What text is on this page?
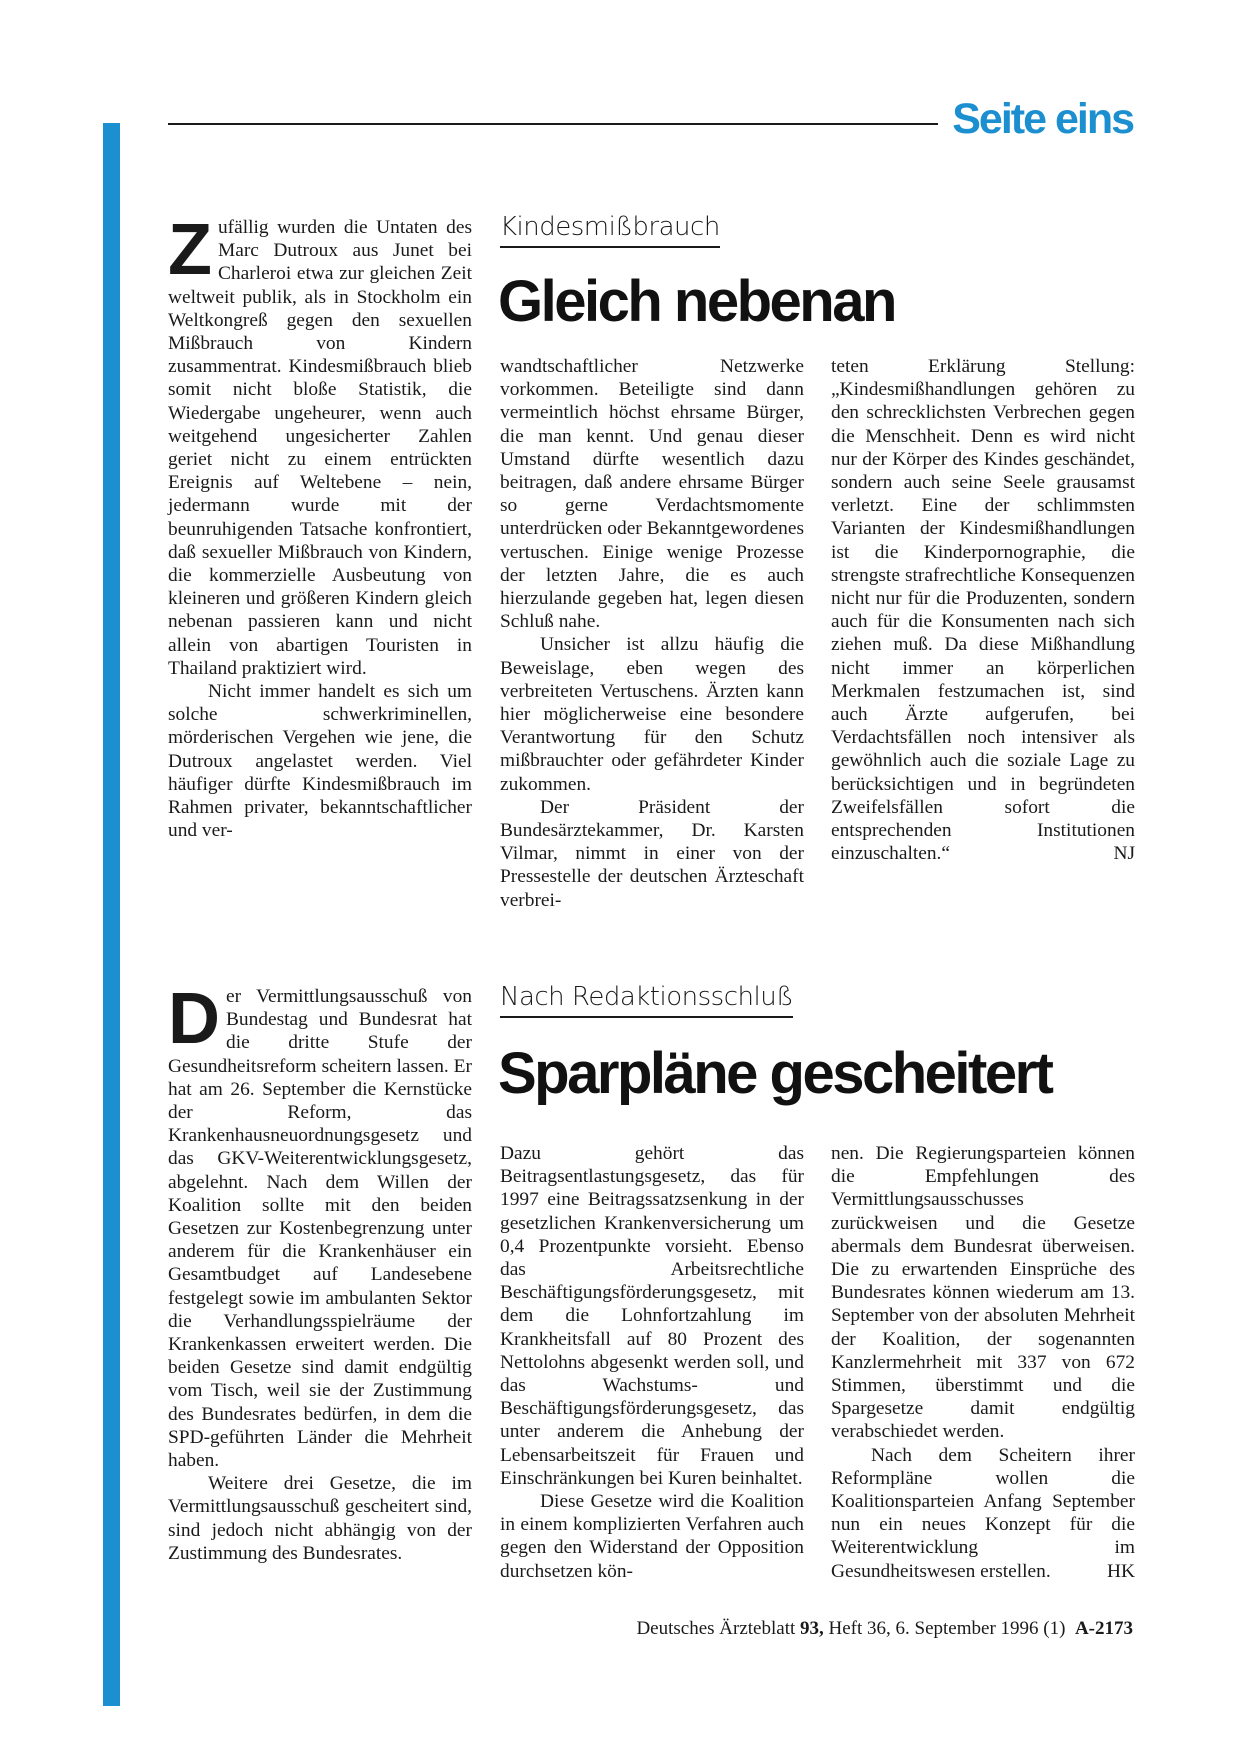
Seite eins
Z ufällig wurden die Untaten des Marc Dutroux aus Junet bei Charleroi etwa zur gleichen Zeit weltweit publik, als in Stockholm ein Weltkongreß gegen den sexuellen Mißbrauch von Kindern zusammentrat. Kindesmißbrauch blieb somit nicht bloße Statistik, die Wiedergabe ungeheurer, wenn auch weitgehend ungesicherter Zahlen geriet nicht zu einem entrückten Ereignis auf Weltebene – nein, jedermann wurde mit der beunruhigenden Tatsache konfrontiert, daß sexueller Mißbrauch von Kindern, die kommerzielle Ausbeutung von kleineren und größeren Kindern gleich nebenan passieren kann und nicht allein von abartigen Touristen in Thailand praktiziert wird.

Nicht immer handelt es sich um solche schwerkriminellen, mörderischen Vergehen wie jene, die Dutroux angelastet werden. Viel häufiger dürfte Kindesmißbrauch im Rahmen privater, bekanntschaftlicher und ver-

Kindesmißbrauch
Gleich nebenan

wandtschaftlicher Netzwerke vorkommen. Beteiligte sind dann vermeintlich höchst ehrsame Bürger, die man kennt. Und genau dieser Umstand dürfte wesentlich dazu beitragen, daß andere ehrsame Bürger so gerne Verdachtsmomente unterdrücken oder Bekanntgewordenes vertuschen. Einige wenige Prozesse der letzten Jahre, die es auch hierzulande gegeben hat, legen diesen Schluß nahe.

Unsicher ist allzu häufig die Beweislage, eben wegen des verbreiteten Vertuschens. Ärzten kann hier möglicherweise eine besondere Verantwortung für den Schutz mißbrauchter oder gefährdeter Kinder zukommen.

Der Präsident der Bundesärztekammer, Dr. Karsten Vilmar, nimmt in einer von der Pressestelle der deutschen Ärzteschaft verbrei-

teten Erklärung Stellung: „Kindesmißhandlungen gehören zu den schrecklichsten Verbrechen gegen die Menschheit. Denn es wird nicht nur der Körper des Kindes geschändet, sondern auch seine Seele grausamst verletzt. Eine der schlimmsten Varianten der Kindesmißhandlungen ist die Kinderpornographie, die strengste strafrechtliche Konsequenzen nicht nur für die Produzenten, sondern auch für die Konsumenten nach sich ziehen muß. Da diese Mißhandlung nicht immer an körperlichen Merkmalen festzumachen ist, sind auch Ärzte aufgerufen, bei Verdachtsfällen noch intensiver als gewöhnlich auch die soziale Lage zu berücksichtigen und in begründeten Zweifelsfällen sofort die entsprechenden Institutionen einzuschalten.“	NJ

D er Vermittlungsausschuß von Bundestag und Bundesrat hat die dritte Stufe der Gesundheitsreform scheitern lassen. Er hat am 26. September die Kernstücke der Reform, das Krankenhausneuordnungsgesetz und das GKV-Weiterentwicklungsgesetz, abgelehnt. Nach dem Willen der Koalition sollte mit den beiden Gesetzen zur Kostenbegrenzung unter anderem für die Krankenhäuser ein Gesamtbudget auf Landesebene festgelegt sowie im ambulanten Sektor die Verhandlungsspielräume der Krankenkassen erweitert werden. Die beiden Gesetze sind damit endgültig vom Tisch, weil sie der Zustimmung des Bundesrates bedürfen, in dem die SPD-geführten Länder die Mehrheit haben.

Weitere drei Gesetze, die im Vermittlungsausschuß gescheitert sind, sind jedoch nicht abhängig von der Zustimmung des Bundesrates.

Nach Redaktionsschluß
Sparpläne gescheitert

Dazu gehört das Beitragsentlastungsgesetz, das für 1997 eine Beitragssatzsenkung in der gesetzlichen Krankenversicherung um 0,4 Prozentpunkte vorsieht. Ebenso das Arbeitsrechtliche Beschäftigungsförderungsgesetz, mit dem die Lohnfortzahlung im Krankheitsfall auf 80 Prozent des Nettolohns abgesenkt werden soll, und das Wachstums- und Beschäftigungsförderungsgesetz, das unter anderem die Anhebung der Lebensarbeitszeit für Frauen und Einschränkungen bei Kuren beinhaltet.

Diese Gesetze wird die Koalition in einem komplizierten Verfahren auch gegen den Widerstand der Opposition durchsetzen kön-

nen. Die Regierungsparteien können die Empfehlungen des Vermittlungsausschusses zurückweisen und die Gesetze abermals dem Bundesrat überweisen. Die zu erwartenden Einsprüche des Bundesrates können wiederum am 13. September von der absoluten Mehrheit der Koalition, der sogenannten Kanzlermehrheit mit 337 von 672 Stimmen, überstimmt und die Spargesetze damit endgültig verabschiedet werden.

Nach dem Scheitern ihrer Reformpläne wollen die Koalitionsparteien Anfang September nun ein neues Konzept für die Weiterentwicklung im Gesundheitswesen erstellen.	HK

Deutsches Ärzteblatt 93, Heft 36, 6. September 1996 (1) A-2173
